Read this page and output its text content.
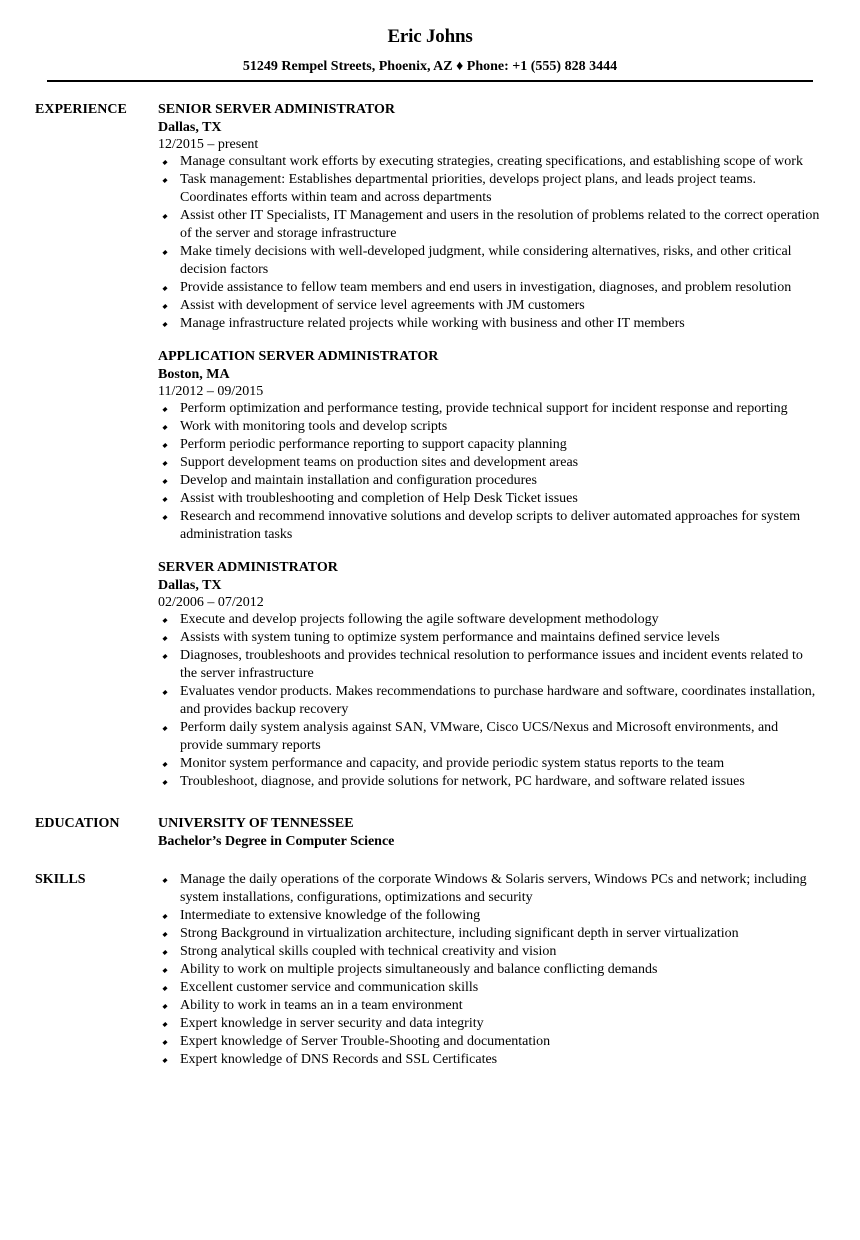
Eric Johns
51249 Rempel Streets, Phoenix, AZ ♦ Phone: +1 (555) 828 3444
EXPERIENCE	SENIOR SERVER ADMINISTRATOR
Dallas, TX
12/2015 – present
Manage consultant work efforts by executing strategies, creating specifications, and establishing scope of work
Task management: Establishes departmental priorities, develops project plans, and leads project teams. Coordinates efforts within team and across departments
Assist other IT Specialists, IT Management and users in the resolution of problems related to the correct operation of the server and storage infrastructure
Make timely decisions with well-developed judgment, while considering alternatives, risks, and other critical decision factors
Provide assistance to fellow team members and end users in investigation, diagnoses, and problem resolution
Assist with development of service level agreements with JM customers
Manage infrastructure related projects while working with business and other IT members
APPLICATION SERVER ADMINISTRATOR
Boston, MA
11/2012 – 09/2015
Perform optimization and performance testing, provide technical support for incident response and reporting
Work with monitoring tools and develop scripts
Perform periodic performance reporting to support capacity planning
Support development teams on production sites and development areas
Develop and maintain installation and configuration procedures
Assist with troubleshooting and completion of Help Desk Ticket issues
Research and recommend innovative solutions and develop scripts to deliver automated approaches for system administration tasks
SERVER ADMINISTRATOR
Dallas, TX
02/2006 – 07/2012
Execute and develop projects following the agile software development methodology
Assists with system tuning to optimize system performance and maintains defined service levels
Diagnoses, troubleshoots and provides technical resolution to performance issues and incident events related to the server infrastructure
Evaluates vendor products. Makes recommendations to purchase hardware and software, coordinates installation, and provides backup recovery
Perform daily system analysis against SAN, VMware, Cisco UCS/Nexus and Microsoft environments, and provide summary reports
Monitor system performance and capacity, and provide periodic system status reports to the team
Troubleshoot, diagnose, and provide solutions for network, PC hardware, and software related issues
EDUCATION	UNIVERSITY OF TENNESSEE
Bachelor’s Degree in Computer Science
SKILLS	Manage the daily operations of the corporate Windows & Solaris servers, Windows PCs and network; including system installations, configurations, optimizations and security
Intermediate to extensive knowledge of the following
Strong Background in virtualization architecture, including significant depth in server virtualization
Strong analytical skills coupled with technical creativity and vision
Ability to work on multiple projects simultaneously and balance conflicting demands
Excellent customer service and communication skills
Ability to work in teams an in a team environment
Expert knowledge in server security and data integrity
Expert knowledge of Server Trouble-Shooting and documentation
Expert knowledge of DNS Records and SSL Certificates
